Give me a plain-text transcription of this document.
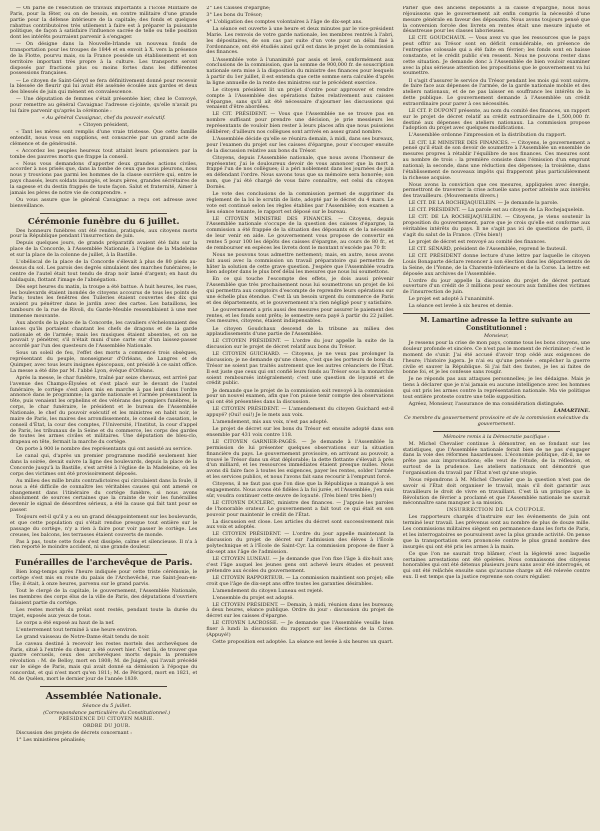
— On parle de l'exécution de travaux importants à l'École Militaire de Paris, pour la fêter, ou on de besoin, en contre militaire d'une grande partie pour la défense intérieure de la capitale; des fonds et quelques rabattus contributoires très utilement à faire est à préparer la puissante politique, de façon à satisfaire l'influence sacrée de telle ou telle position dont les intérêts pourraient parvenir à s'engager.

— On désigne dans la Nouvelle-Irlande un nouveau fonds de transportation pour les troupes de 1844 et en envoit à X. vers la présence de la Flotte, pourvu mais, su la France possède un établissement et son territoire important très propre à la culture. Les transports seront disposés par fractions plus ou moins fortes dans les différentes possessions françaises.

— Le citoyen de Saint-Géryd se fera définitivement donné pour recevoir la blessée de fleurir qui lui avait été assénée écoulée aux gardes et deux des blessés de juin qui mènent en convalescence.

— Une députation de femmes s'était présentée hier, chez le Convoyé, pour remettre au général Cavaignac l'adresse ci-jointe, qu'elle n'avait pu lui faire parvenir qu'après la cérémonie :

« Au général Cavaignac, chef du pouvoir exécutif.

« Citoyen président,

« Tant les mères sont remplis d'une vraie tristesse. Que cette famille entendit, nous vous en supplions, est consacrée par un grand acte de clémence et de générosité.

« Accordez les peuples heureux tout attaint leurs prisonniers par la tombe des pauvres morts que frappe la conseil.

« Nous vous demandons d'apporter deux grandes actions civiles, accorder à nos prisés que, dans la tombe de ceux que nous pleurons, nous nous y trouvions pas parmi les hommes de la classe ouvrière qui, entre le pays chassés, leurs soldats insurgés, et leurs pères, grandes sécrétaires de la sagesse et du destin frappés de toute façon. Salut et fraternité, Aimer à jamais les pères de notre vie de comprendre. »

Ou vous assure que le général Cavaignac a reçu cet adresse avec bienveillance.

Cérémonie funèbre du 6 juillet.

Des honneurs funèbres ont été rendus, pratiqués, aux citoyens morts pour la République pendant l'insurrection de juin.

Depuis quelques jours, de grands préparatifs avaient été faits sur la place de la Concorde, à l'Assemblée Nationale, à l'église de la Madeleine et sur la place de la colonne de juillet, à la Bastille.

L'obéliscal de la place de la Concorde s'élevait à plus de 80 pieds au-dessus du sol. Les parois des degrés simulaient des marches funéraires; le centre de l'autel était tout tendu de drap noir lamé d'argent; en haut du baldaquin, flottant l'image de l'abnégation.

Dès sept heures du matin, la troupe a été battue. À huit heures, les rues, les boulevards étaient inondés de citoyens accourus de tous les points de Paris; toutes les fenêtres des Tuileries étaient couvertes des dix qui avaient pu pénétrer dans le jardin avec des cartes. Les bataillons, les tambours de la rue de Rivoli, du Garde-Meuble ressemblaient à une mer immense mouvante.

Aux abords de la place de la Concorde, les cavaliers s'échelonnaient des lances qu'ils portaient chantant les chefs de dragons et de la garde nationale et de l'armée; mais les musiques étaient absentes, et on ne pouvait y pénétrer, s'il n'était muni d'une carte sur d'un laissez-passer accordé par l'un des questeurs de l'Assemblée Nationale.

Sous un soleil de feu, l'effet des morts a commencé trois obsèques, représentant du peuple, monseigneur d'Orléans, de Langres et de Quimper, avec tous leurs insignes épiscopaux, ont présidé à ce saint office. La messe a été dite par M. l'abbé Lyon, évêque d'Orléans.

Après la messe, le char funèbre, traîné par seize chevaux, est arrivé par l'avenue des Champs-Élysées et s'est placé sur le devant de l'autel funéraire; le cortège s'est alors mis en marche à pas lent dans l'ordre annoncé dans le programme; la garde nationale et l'armée présentaient la tête, puis venaient les orphelins et des vétérans des pompiers funèbres, le corps, le char funéraire, le président et le bureau de l'Assemblée Nationale, le chef du pouvoir exécutif et les ministres en habit noir, le maire de Paris, les maires des arrondissements, le conseil de cassation, le conseil d'État, la cour des comptes, l'Université, l'Institut, la cour d'appel de Paris, les tribunaux de la Seine et du commerce, les corps des gardes de toutes les armes civiles et militaires. Une députation de bleu-clo, drapeau en tête, fermait la marche du cortège.

On porte à 900 le nombre des représentants qui ont assisté au service.

Le canal qui, d'après un premier programme modifié seulement hier dans la soirée, devait suivre la ligne des boulevards, depuis la place de la Concorde jusqu'à la Bastille, s'est arrêté à l'église de la Madeleine, où les corps des victimes ont été provisoirement déposés.

Au milieu des mille bruits contradictoires qui circulaient dans la foule, il nous a été difficile de connaître les véritables causes qui ont amené ce changement dans l'itinéraire du cortège funèbre, si nous avons absolument de sources certaines que la crainte de voir les funérailles devenir le signal de désordres sérieux, a été la cause qui fait tant pour se passer.

Toujours est-il qu'il y a eu un grand désappointement sur les boulevards, et que cette population qui s'était rendue presque tout entière sur le passage du cortège, n'y a rien à faire pour voir passer le cortège. Les creuses, les balcons, les terrasses étaient couverts de monde.

Pas à pas, toute cette foule s'est dissipée, calme et silencieuse. Il n'a à rien reporté le moindre accident, ni une grande douleur.

Funérailles de l'archevêque de Paris.

Bien long-temps après l'heure indiquée pour cette triste cérémonie, le cortège s'est mis en route du palais de l'Archevêché, rue Saint-Jean-en-l'Île; il était, à onze heures, parvenu sur le grand parvis.

Tout le clergé de la capitale, le gouvernement, l'Assemblée Nationale, les membres des corps élus de la ville de Paris, des députations d'ouvriers faisaient partie du cortège.

Les restes mortels du prélat sont restés, pendant toute la durée du trajet, exposés aux yeux de tous.

Le corps a été exposé au haut de la nef.

L'enterrement tout terminé à une heure environ.

Le grand vaisseau de Notre-Dame était tendu de noir.

Le caveau destiné à recevoir les restes mortels des archevêques de Paris, situé à l'entrée du chœur, a été ouvert hier. C'est là, de trouver que quatre cercueils, ceux des archevêques morts depuis la première révolution : M. de Belloy, mort en 1808; M. de Juigné, qui l'avait précédé sur le siège de Paris, mais qui avait donné sa démission à l'époque du concordat, et qui n'est mort qu'en 1811; M. de Périgord, mort en 1821, et M. de Quélen, mort le dernier jour de l'année 1839.

Assemblée Nationale.

Séance du 5 juillet.

(Correspondance particulière du Constitutionnel.)

PRÉSIDENCE DU CITOYEN MARIE.

ORDRE DU JOUR.

Discussion des projets de décrets concernant :

1° Les ministères pénalisés;

2° Les Caisses d'épargne;

3° Les bons du Trésor;

4° L'obligation des comptes volontaires à l'âge de dix-sept ans.

La séance est ouverte à une heure et deux minutes par le vice-président Marie. Les renvois de votre garde nationale, les membres rentrés à l'abri, les dépositaires, de son cas par suite d'un vote pour un délai fixé à l'ordonnance, ont été étudiés ainsi qu'il est dans le projet de la commission des finances.

L'Assemblée vote à l'unanimité par assis et levé, conformément aux conclusions de la commission, que la somme de 900,000 fr. de souscription nationale sera mise à la disposition du ministre des finances pour lesquels à partir du 1er juillet, il est entendu que cette somme sera calculée d'après la ligne annuelle de la rente des ministres sur le précédent exercice.

Le citoyen président lit un projet d'ordre pour approuver et rendre compte à l'Assemblée des opérations faites relativement aux caisses d'épargne, sans qu'il ait été nécessaire d'ajourner les discussions qui venaient d'être abordées.

LE CIT. PRÉSIDENT. — Vous que l'Assemblée ne se trouve pas en nombre suffisant pour prendre une décision, je prie messieurs les représentants de vouloir bien rester à leurs places afin que nous puissions délibérer; d'ailleurs nos collègues sont arrivés en assez grand nombre.

L'Assemblée décide qu'elle se réunira demain, à midi, dans ses bureaux, pour l'examen du projet sur les caisses d'épargne, pour s'occuper ensuite de la discussion relative aux bons du Trésor.

Citoyens, depuis l'Assemblée nationale, que nous avons l'honneur de représenter, j'ai le douloureux devoir de vous annoncer que la mort a frappé l'un de nos collègues; il a péri noblement dans les journées de juin en défendant l'ordre. Nous savons tous que sa mémoire sera honorée; son nom, que j'ai été chargé de vous faire connaître, est celui du citoyen Dornès.

Le vote des conclusions de la commission permet de supprimer du règlement de la loi le scrutin de liste, adopté par le décret du 4 mars. Le vote est continué selon les règles établies par l'Assemblée; son examen a lieu séance tenante, le rapport est déposé sur le bureau.

LE CITOYEN MINISTRE DES FINANCES. — Citoyens, depuis l'Assemblée nationale s'occupe de la question des caisses d'épargne, la commission a été frappée de la situation des déposants et de la nécessité de leur venir en aide. Le gouvernement vous propose de convertir en rentes 5 pour 100 les dépôts des caisses d'épargne, au cours de 80 fr., et de rembourser en espèces les livrets dont le montant n'excède pas 70 fr.

Nous ne pouvons tous admettre nettement; mais, en autre, nous avons fait aussi avec la commission un travail préparatoire qui permettra de hâter la solution de cette grave question. J'espère que l'Assemblée voudra bien adopter dans le plus bref délai les mesures que nous lui soumettons.

En ce qui touche l'escompte des effets, je dois aussi prévenir l'Assemblée que très prochainement nous lui soumettrons un projet de loi qui permettra aux comptoirs d'escompte de reprendre leurs opérations sur une échelle plus étendue. C'est là un besoin urgent du commerce de Paris et des départements, et le gouvernement n'a rien négligé pour y satisfaire.

Le gouvernement a pris aussi des mesures pour assurer le paiement des rentes, et les fonds sont prêts; le semestre sera payé à partir du 22 juillet. Ces mesures, citoyens, étaient indispensables.

Le citoyen Goudchaux descend de la tribune au milieu des applaudissements d'une partie de l'Assemblée.

LE CITOYEN PRÉSIDENT. — L'ordre du jour appelle la suite de la discussion sur le projet de décret relatif aux bons du Trésor.

LE CITOYEN GUICHARD. — Citoyens, je ne veux pas prolonger la discussion; je ne demande qu'une chose, c'est que les porteurs de bons du Trésor ne soient pas traités autrement que les autres créanciers de l'État. Il est juste que ceux qui ont confié leurs fonds au Trésor sous la monarchie soient remboursés intégralement; c'est une question de loyauté et de crédit public.

Je demande que le projet de la commission soit renvoyé à la commission pour un nouvel examen, afin que l'on puisse tenir compte des observations qui ont été présentées dans la discussion.

LE CITOYEN PRÉSIDENT. — L'amendement du citoyen Guichard est-il appuyé? (Oui! oui!) Je le mets aux voix.

L'amendement, mis aux voix, n'est pas adopté.

Le projet de décret sur les bons du Trésor est ensuite adopté dans son ensemble par 431 voix contre 118.

LE CITOYEN GARNIER-PAGÈS. — Je demande à l'Assemblée la permission de lui présenter quelques observations sur la situation financière du pays. Le gouvernement provisoire, en arrivant au pouvoir, a trouvé le Trésor dans un état déplorable; la dette flottante s'élevait à près d'un milliard, et les ressources immédiates étaient presque nulles. Nous avons dû faire face à toutes les exigences, payer les rentes, solder l'armée et les services publics, et nous l'avons fait sans recourir à l'emprunt forcé.

Citoyens, il ne faut pas que l'on dise que la République a manqué à ses engagements. Nous avons été fidèles à la foi jurée, et l'Assemblée, j'en suis sûr, voudra continuer cette œuvre de loyauté. (Très bien! très bien!)

LE CITOYEN DUCLERC, ministre des finances. — J'appuie les paroles de l'honorable orateur. Le gouvernement a fait tout ce qui était en son pouvoir pour maintenir le crédit de l'État.

La discussion est close. Les articles du décret sont successivement mis aux voix et adoptés.

LE CITOYEN PRÉSIDENT. — L'ordre du jour appelle maintenant la discussion du projet de décret sur l'admission des élèves à l'École polytechnique et à l'École de Saint-Cyr. La commission propose de fixer à dix-sept ans l'âge de l'admission.

LE CITOYEN LUNEAU. — Je demande que l'on fixe l'âge à dix-huit ans; c'est l'âge auquel les jeunes gens ont achevé leurs études et peuvent prétendre aux écoles du gouvernement.

LE CITOYEN RAPPORTEUR. — La commission maintient son projet; elle croit que l'âge de dix-sept ans offre toutes les garanties désirables.

L'amendement du citoyen Luneau est rejeté.

L'ensemble du projet est adopté.

LE CITOYEN PRÉSIDENT. — Demain, à midi, réunion dans les bureaux; à deux heures, séance publique. Ordre du jour : discussion du projet de décret sur les caisses d'épargne.

LE CITOYEN LACROSSE. — Je demande que l'Assemblée veuille bien fixer à lundi la discussion du rapport sur les élections de la Corse. (Appuyé!)

Cette proposition est adoptée. La séance est levée à six heures un quart.

Parler que des anciens déposants à la caisse d'épargne, nous nous réjouissons que le gouvernement ait enfin compris la nécessité d'une mesure générale en faveur des déposants. Nous avons toujours pensé que la conversion forcée des livrets en rentes était une mesure injuste et désastreuse pour les classes laborieuses.

LE CIT. GOUDCHAUX. — Vous avez vu que les ressources que le pays peut offrir au Trésor sont en déficit considérable, en présence de l'entreprise colossale qui a été faite en février; les fonds sont en baisse constante, et le crédit public s'en ressent. Nous ne pouvons rester dans cette situation. Je demande donc à l'Assemblée de bien vouloir examiner avec la plus sérieuse attention les propositions que le gouvernement va lui soumettre.

Il s'agit d'assurer le service du Trésor pendant les mois qui vont suivre, de faire face aux dépenses de l'armée, de la garde nationale mobile et des ateliers nationaux, et de ne pas laisser en souffrance les intérêts de la dette publique. Le gouvernement demande à l'Assemblée un crédit extraordinaire pour parer à ces nécessités.

LE CIT. P. DUPONT présente, au nom du comité des finances, un rapport sur le projet de décret relatif au crédit extraordinaire de 1,500,000 fr. destiné aux dépenses des ateliers nationaux. La commission propose l'adoption du projet avec quelques modifications.

L'Assemblée ordonne l'impression et la distribution du rapport.

LE CIT. LE MINISTRE DES FINANCES. — Citoyens, le gouvernement a pensé qu'il était de son devoir de soumettre à l'Assemblée un ensemble de mesures propres à rétablir l'équilibre de nos finances. Ces mesures sont au nombre de trois : la première consiste dans l'émission d'un emprunt national; la seconde, dans une réduction des dépenses; la troisième, dans l'établissement de nouveaux impôts qui frapperont plus particulièrement la richesse acquise.

Nous avons la conviction que ces mesures, appliquées avec énergie, permettront de traverser la crise actuelle sans porter atteinte aux intérêts des travailleurs. (Mouvements divers.)

LE CIT. DE LA ROCHEJAQUELEIN. — Je demande la parole.

LE CIT. PRÉSIDENT. — La parole est au citoyen de La Rochejaquelein.

LE CIT. DE LA ROCHEJAQUELEIN. — Citoyens, je viens soutenir la proposition du gouvernement, parce que je crois qu'elle est conforme aux véritables intérêts du pays. Il ne s'agit pas ici de questions de parti, il s'agit du salut de la France. (Très bien!)

Le projet de décret est renvoyé au comité des finances.

LE CIT. SÉNARD, président de l'Assemblée, reprend le fauteuil.

LE CIT. PRÉSIDENT donne lecture d'une lettre par laquelle le citoyen Louis Bonaparte déclare renoncer à son élection dans les départements de la Seine, de l'Yonne, de la Charente-Inférieure et de la Corse. La lettre est déposée aux archives de l'Assemblée.

L'ordre du jour appelle la discussion du projet de décret portant ouverture d'un crédit de 3 millions pour secours aux familles des victimes de l'insurrection de juin.

Le projet est adopté à l'unanimité.

La séance est levée à six heures et demie.

M. Lamartine adresse la lettre suivante au Constitutionnel :

Monsieur,

Je ressens pour la crise de mon pays, comme tous les bons citoyens, une douleur profonde et sincère. Ce n'est pas le moment de récriminer; c'est le moment de s'unir. J'ai été accusé d'avoir trop cédé aux exigences de l'heure; l'histoire jugera. Je n'ai eu qu'une pensée : empêcher la guerre civile et sauver la République. Si j'ai fait des fautes, je les ai faites de bonne foi, et je les confesse sans rougir.

Je ne réponds pas aux attaques personnelles; je les dédaigne. Mais je tiens à déclarer que je n'ai jamais eu aucune intelligence avec les hommes qui ont pris les armes contre la représentation nationale. Ma vie politique tout entière proteste contre une telle supposition.

Agréez, Monsieur, l'assurance de ma considération distinguée.

LAMARTINE.

Ce membre du gouvernement provisoire et de la commission exécutive du gouvernement.

Mémoire remis à la Démocratie pacifique :

M. Michel Chevalier continue à démontrer, en se fondant sur les statistiques, que l'Assemblée nationale ferait bien de ne pas s'engager dans la voie des réformes hasardeuses. L'économie politique, dit-il, ne se prête pas aux improvisations; elle veut de l'étude, de la réflexion, et surtout de la prudence. Les ateliers nationaux ont démontré que l'organisation du travail par l'État n'est qu'une utopie.

Nous répondrons à M. Michel Chevalier que la question n'est pas de savoir si l'État doit organiser le travail, mais s'il doit garantir aux travailleurs le droit de vivre en travaillant. C'est là un principe que la Révolution de février a proclamé et que l'Assemblée nationale ne saurait méconnaître sans manquer à sa mission.

INSURRECTION DE LA COUPOLE.

Les rapporteurs chargés d'instruire sur les événements de juin ont terminé leur travail. Les prévenus sont au nombre de plus de douze mille. Les commissions militaires siègent en permanence dans les forts de Paris, et les interrogatoires se poursuivent avec la plus grande activité. On pense que la transportation sera prononcée contre le plus grand nombre des insurgés qui ont été pris les armes à la main.

Ce que l'on ne saurait trop blâmer, c'est la légèreté avec laquelle certaines arrestations ont été opérées. Nous connaissons des citoyens honorables qui ont été détenus plusieurs jours sans avoir été interrogés, et qui ont été relâchés ensuite sans qu'aucune charge ait été relevée contre eux. Il est temps que la justice reprenne son cours régulier.
